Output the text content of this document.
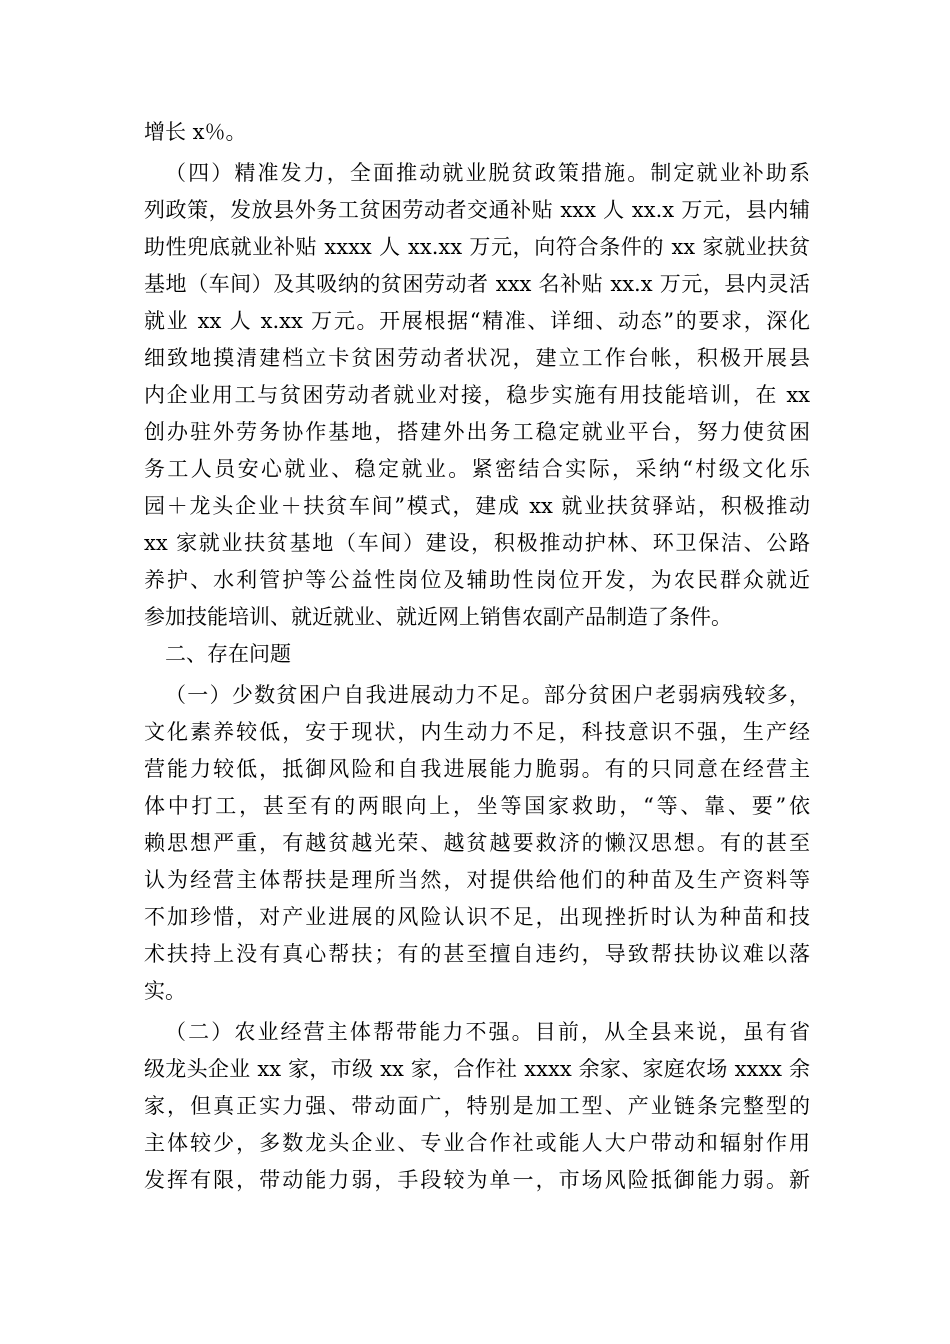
增长 x％。
（四）精准发力，全面推动就业脱贫政策措施。制定就业补助系
列政策，发放县外务工贫困劳动者交通补贴 xxx 人 xx.x 万元，县内辅
助性兜底就业补贴 xxxx 人 xx.xx 万元，向符合条件的 xx 家就业扶贫
基地（车间）及其吸纳的贫困劳动者 xxx 名补贴 xx.x 万元，县内灵活
就业 xx 人 x.xx 万元。开展根据“精准、详细、动态”的要求，深化
细致地摸清建档立卡贫困劳动者状况，建立工作台帐，积极开展县
内企业用工与贫困劳动者就业对接，稳步实施有用技能培训，在 xx
创办驻外劳务协作基地，搭建外出务工稳定就业平台，努力使贫困
务工人员安心就业、稳定就业。紧密结合实际，采纳“村级文化乐
园＋龙头企业＋扶贫车间”模式，建成 xx 就业扶贫驿站，积极推动
xx 家就业扶贫基地（车间）建设，积极推动护林、环卫保洁、公路
养护、水利管护等公益性岗位及辅助性岗位开发，为农民群众就近
参加技能培训、就近就业、就近网上销售农副产品制造了条件。
二、存在问题
（一）少数贫困户自我进展动力不足。部分贫困户老弱病残较多，
文化素养较低，安于现状，内生动力不足，科技意识不强，生产经
营能力较低，抵御风险和自我进展能力脆弱。有的只同意在经营主
体中打工，甚至有的两眼向上，坐等国家救助，“等、靠、要”依
赖思想严重，有越贫越光荣、越贫越要救济的懒汉思想。有的甚至
认为经营主体帮扶是理所当然，对提供给他们的种苗及生产资料等
不加珍惜，对产业进展的风险认识不足，出现挫折时认为种苗和技
术扶持上没有真心帮扶；有的甚至擅自违约，导致帮扶协议难以落
实。
（二）农业经营主体帮带能力不强。目前，从全县来说，虽有省
级龙头企业 xx 家，市级 xx 家，合作社 xxxx 余家、家庭农场 xxxx 余
家，但真正实力强、带动面广，特别是加工型、产业链条完整型的
主体较少，多数龙头企业、专业合作社或能人大户带动和辐射作用
发挥有限，带动能力弱，手段较为单一，市场风险抵御能力弱。新
